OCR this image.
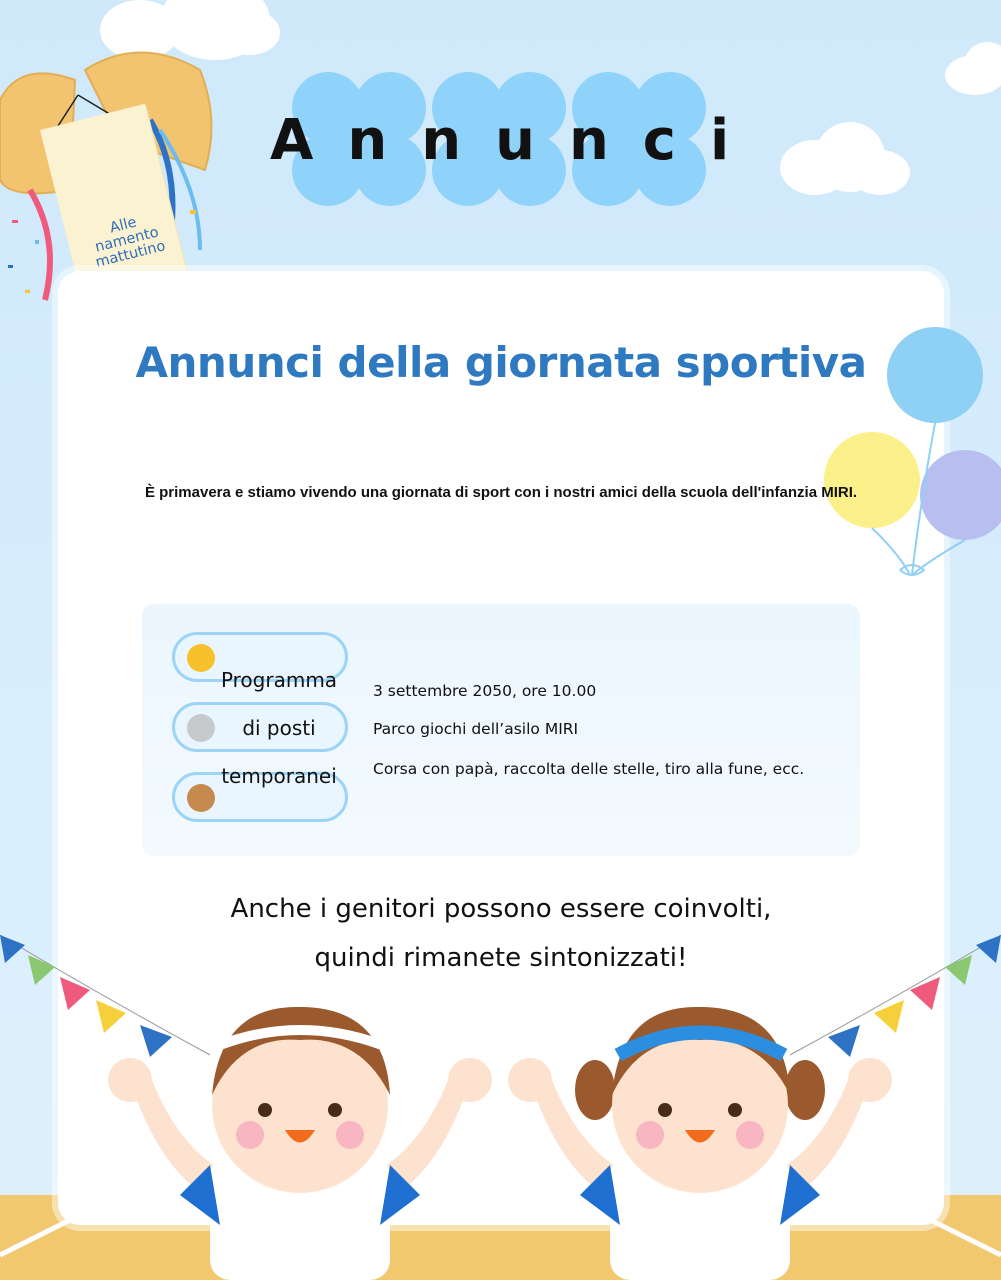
Annunci
Alle namento mattutino
Annunci della giornata sportiva

È primavera e stiamo vivendo una giornata di sport con i nostri amici della scuola dell'infanzia MIRI.

Programma
di posti
temporanei
3 settembre 2050, ore 10.00
Parco giochi dell’asilo MIRI
Corsa con papà, raccolta delle stelle, tiro alla fune, ecc.

Anche i genitori possono essere coinvolti,

quindi rimanete sintonizzati!
